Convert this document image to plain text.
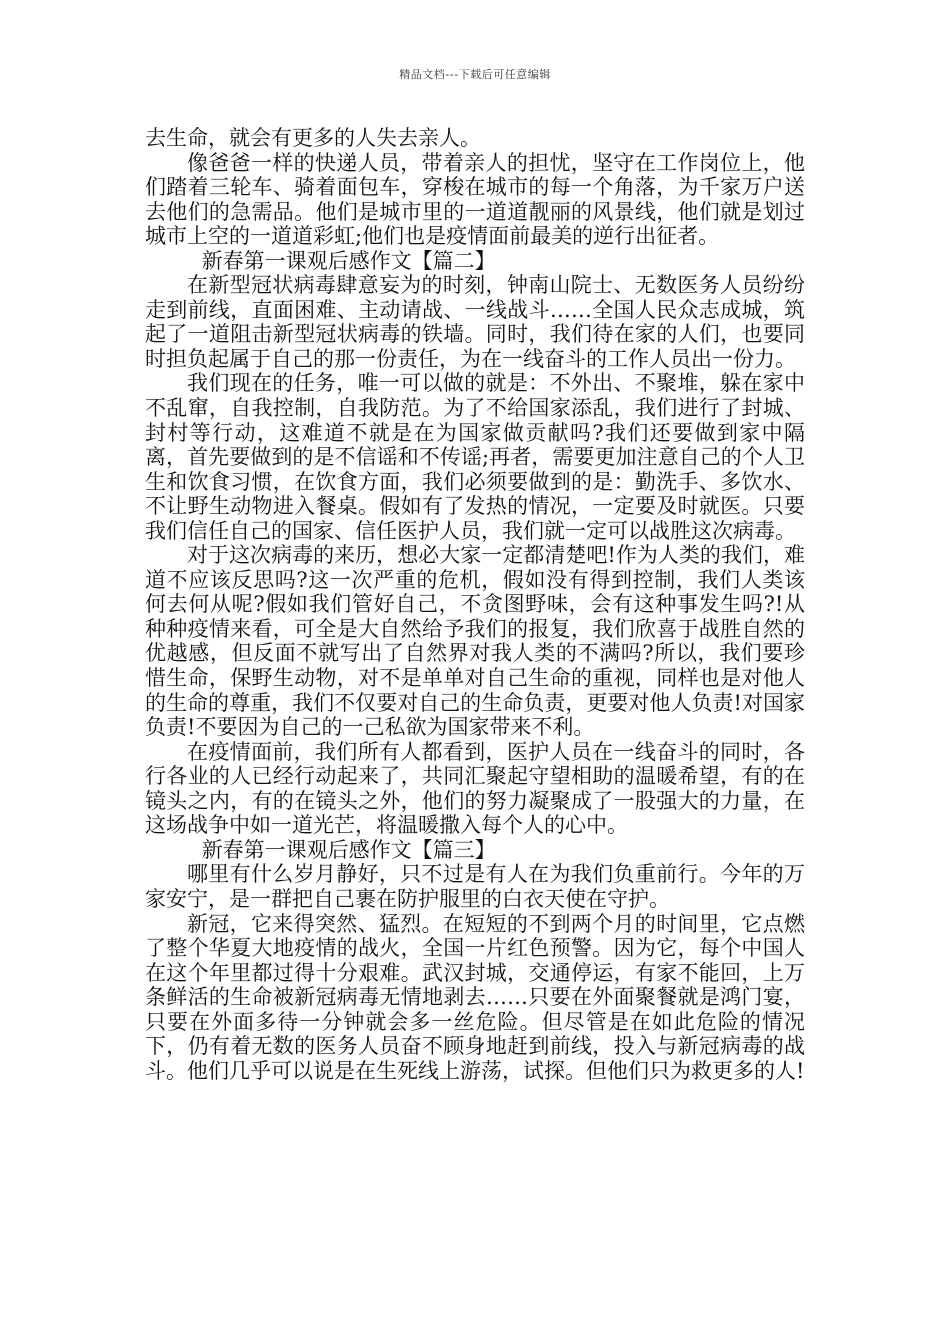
精品文档---下载后可任意编辑

去生命，就会有更多的人失去亲人。

像爸爸一样的快递人员，带着亲人的担忧，坚守在工作岗位上，他们踏着三轮车、骑着面包车，穿梭在城市的每一个角落，为千家万户送去他们的急需品。他们是城市里的一道道靓丽的风景线，他们就是划过城市上空的一道道彩虹;他们也是疫情面前最美的逆行出征者。

新春第一课观后感作文【篇二】

在新型冠状病毒肆意妄为的时刻，钟南山院士、无数医务人员纷纷走到前线，直面困难、主动请战、一线战斗……全国人民众志成城，筑起了一道阻击新型冠状病毒的铁墙。同时，我们待在家的人们，也要同时担负起属于自己的那一份责任，为在一线奋斗的工作人员出一份力。

我们现在的任务，唯一可以做的就是：不外出、不聚堆，躲在家中不乱窜，自我控制，自我防范。为了不给国家添乱，我们进行了封城、封村等行动，这难道不就是在为国家做贡献吗?我们还要做到家中隔离，首先要做到的是不信谣和不传谣;再者，需要更加注意自己的个人卫生和饮食习惯，在饮食方面，我们必须要做到的是：勤洗手、多饮水、不让野生动物进入餐桌。假如有了发热的情况，一定要及时就医。只要我们信任自己的国家、信任医护人员，我们就一定可以战胜这次病毒。

对于这次病毒的来历，想必大家一定都清楚吧!作为人类的我们，难道不应该反思吗?这一次严重的危机，假如没有得到控制，我们人类该何去何从呢?假如我们管好自己，不贪图野味，会有这种事发生吗?!从种种疫情来看，可全是大自然给予我们的报复，我们欣喜于战胜自然的优越感，但反面不就写出了自然界对我人类的不满吗?所以，我们要珍惜生命，保野生动物，对不是单单对自己生命的重视，同样也是对他人的生命的尊重，我们不仅要对自己的生命负责，更要对他人负责!对国家负责!不要因为自己的一己私欲为国家带来不利。

在疫情面前，我们所有人都看到，医护人员在一线奋斗的同时，各行各业的人已经行动起来了，共同汇聚起守望相助的温暖希望，有的在镜头之内，有的在镜头之外，他们的努力凝聚成了一股强大的力量，在这场战争中如一道光芒，将温暖撒入每个人的心中。

新春第一课观后感作文【篇三】

哪里有什么岁月静好，只不过是有人在为我们负重前行。今年的万家安宁，是一群把自己裹在防护服里的白衣天使在守护。

新冠，它来得突然、猛烈。在短短的不到两个月的时间里，它点燃了整个华夏大地疫情的战火，全国一片红色预警。因为它，每个中国人在这个年里都过得十分艰难。武汉封城，交通停运，有家不能回，上万条鲜活的生命被新冠病毒无情地剥去……只要在外面聚餐就是鸿门宴，只要在外面多待一分钟就会多一丝危险。但尽管是在如此危险的情况下，仍有着无数的医务人员奋不顾身地赶到前线，投入与新冠病毒的战斗。他们几乎可以说是在生死线上游荡，试探。但他们只为救更多的人!
